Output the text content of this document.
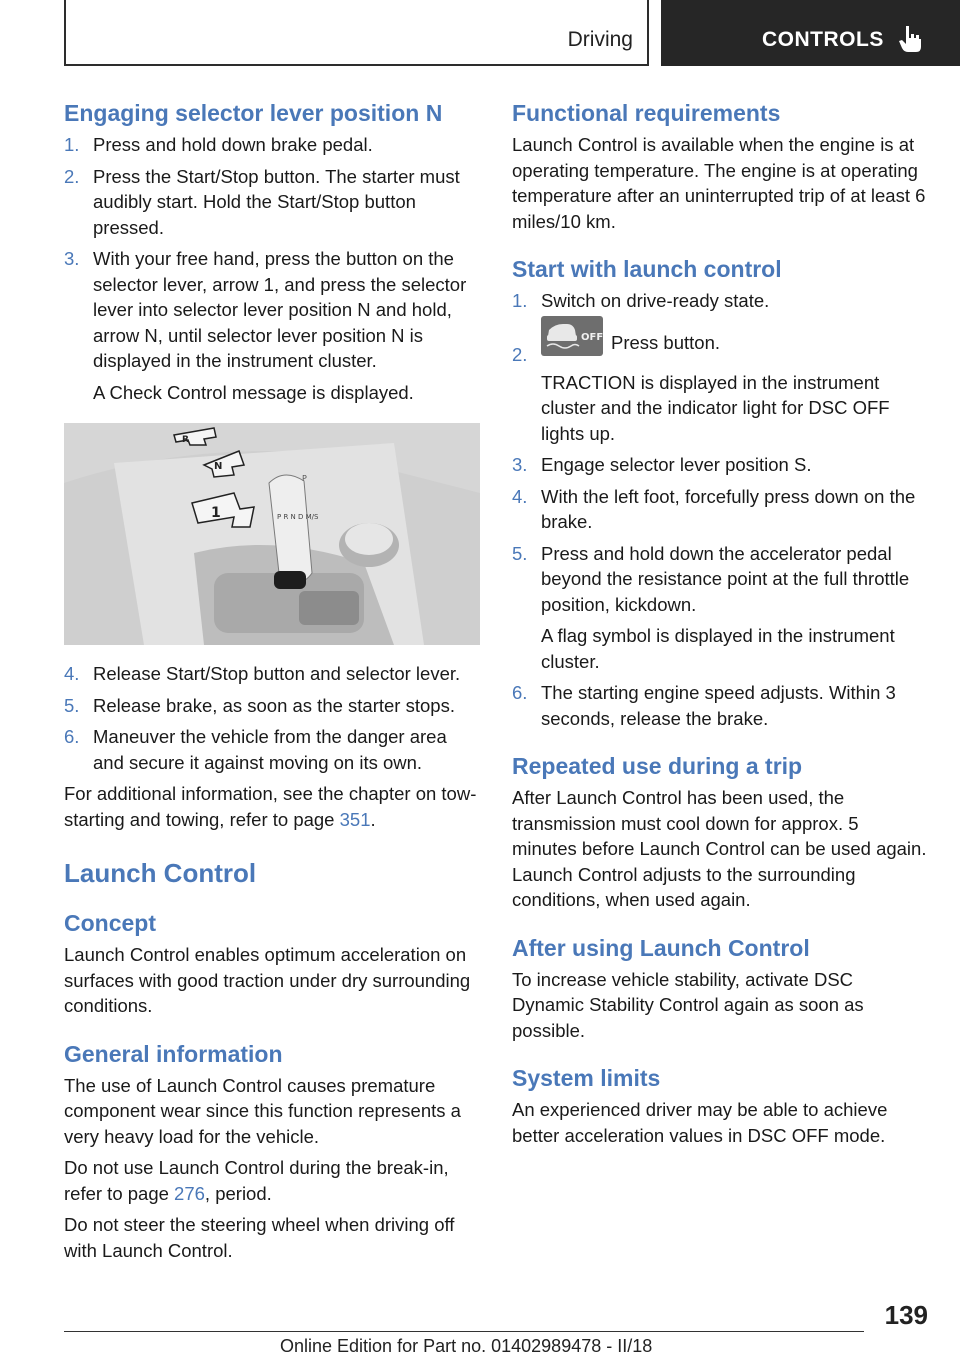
Driving	CONTROLS
Engaging selector lever position N
1. Press and hold down brake pedal.
2. Press the Start/Stop button. The starter must audibly start. Hold the Start/Stop button pressed.
3. With your free hand, press the button on the selector lever, arrow 1, and press the selector lever into selector lever position N and hold, arrow N, until selector lever position N is displayed in the instrument cluster.
A Check Control message is displayed.
P
P R N D M/S
R
N
1
4. Release Start/Stop button and selector lever.
5. Release brake, as soon as the starter stops.
6. Maneuver the vehicle from the danger area and secure it against moving on its own.

For additional information, see the chapter on tow-starting and towing, refer to page 351.

Launch Control
Concept

Launch Control enables optimum acceleration on surfaces with good traction under dry surrounding conditions.

General information

The use of Launch Control causes premature component wear since this function represents a very heavy load for the vehicle.

Do not use Launch Control during the break-in, refer to page 276, period.

Do not steer the steering wheel when driving off with Launch Control.

Functional requirements

Launch Control is available when the engine is at operating temperature. The engine is at operating temperature after an uninterrupted trip of at least 6 miles/10 km.

Start with launch control
1. Switch on drive-ready state.
2.
OFF Press button.
TRACTION is displayed in the instrument cluster and the indicator light for DSC OFF lights up.
3. Engage selector lever position S.
4. With the left foot, forcefully press down on the brake.
5. Press and hold down the accelerator pedal beyond the resistance point at the full throttle position, kickdown.
A flag symbol is displayed in the instrument cluster.
6. The starting engine speed adjusts. Within 3 seconds, release the brake.
Repeated use during a trip

After Launch Control has been used, the transmission must cool down for approx. 5 minutes before Launch Control can be used again. Launch Control adjusts to the surrounding conditions, when used again.

After using Launch Control

To increase vehicle stability, activate DSC Dynamic Stability Control again as soon as possible.

System limits

An experienced driver may be able to achieve better acceleration values in DSC OFF mode.

139
Online Edition for Part no. 01402989478 - II/18
